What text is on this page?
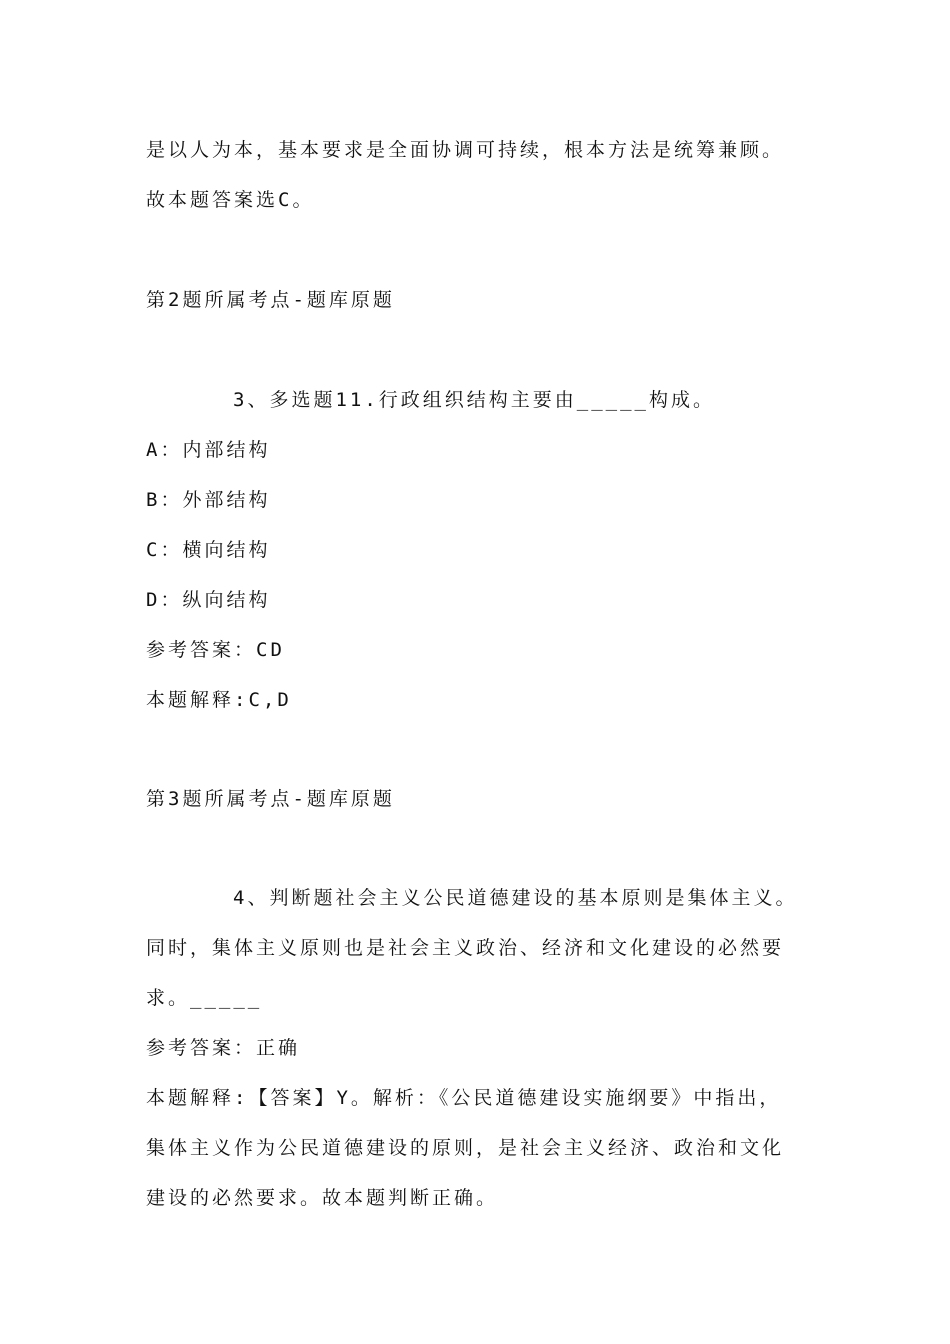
是以人为本，基本要求是全面协调可持续，根本方法是统筹兼顾。
故本题答案选C。
第2题所属考点-题库原题
3、多选题11.行政组织结构主要由_____构成。
A：内部结构
B：外部结构
C：横向结构
D：纵向结构
参考答案：CD
本题解释:C,D
第3题所属考点-题库原题
4、判断题社会主义公民道德建设的基本原则是集体主义。
同时，集体主义原则也是社会主义政治、经济和文化建设的必然要
求。_____
参考答案：正确
本题解释:【答案】Y。解析：《公民道德建设实施纲要》中指出，
集体主义作为公民道德建设的原则，是社会主义经济、政治和文化
建设的必然要求。故本题判断正确。
